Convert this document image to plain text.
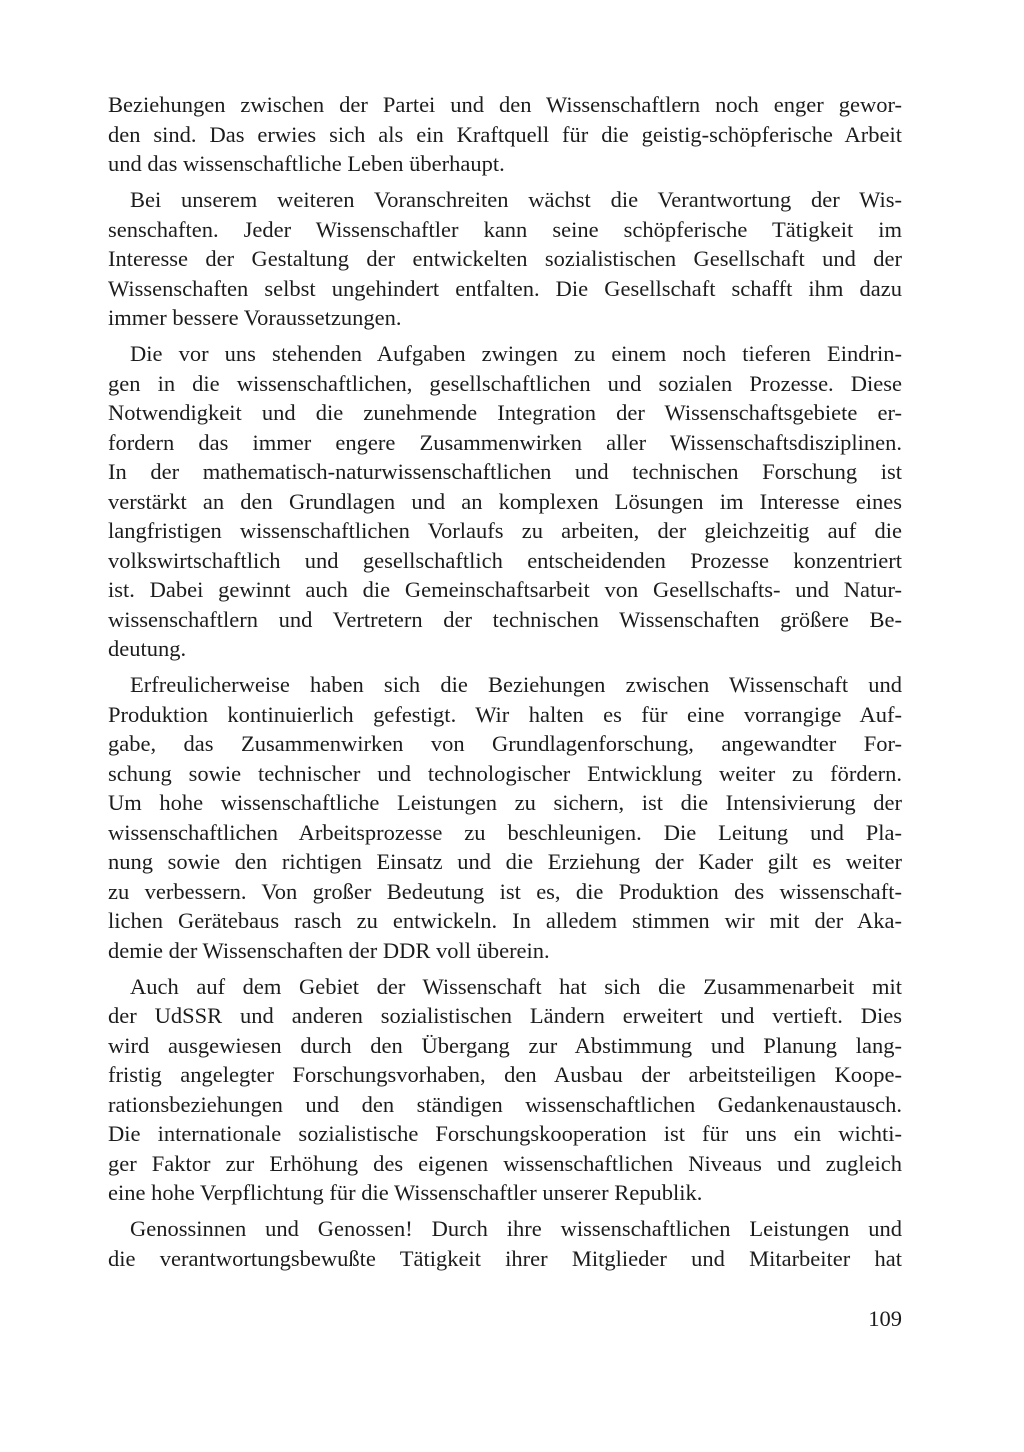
Beziehungen zwischen der Partei und den Wissenschaftlern noch enger gewor-
den sind. Das erwies sich als ein Kraftquell für die geistig-schöpferische Arbeit
und das wissenschaftliche Leben überhaupt.
Bei unserem weiteren Voranschreiten wächst die Verantwortung der Wis-
senschaften. Jeder Wissenschaftler kann seine schöpferische Tätigkeit im
Interesse der Gestaltung der entwickelten sozialistischen Gesellschaft und der
Wissenschaften selbst ungehindert entfalten. Die Gesellschaft schafft ihm dazu
immer bessere Voraussetzungen.
Die vor uns stehenden Aufgaben zwingen zu einem noch tieferen Eindrin-
gen in die wissenschaftlichen, gesellschaftlichen und sozialen Prozesse. Diese
Notwendigkeit und die zunehmende Integration der Wissenschaftsgebiete er-
fordern das immer engere Zusammenwirken aller Wissenschaftsdisziplinen.
In der mathematisch-naturwissenschaftlichen und technischen Forschung ist
verstärkt an den Grundlagen und an komplexen Lösungen im Interesse eines
langfristigen wissenschaftlichen Vorlaufs zu arbeiten, der gleichzeitig auf die
volkswirtschaftlich und gesellschaftlich entscheidenden Prozesse konzentriert
ist. Dabei gewinnt auch die Gemeinschaftsarbeit von Gesellschafts- und Natur-
wissenschaftlern und Vertretern der technischen Wissenschaften größere Be-
deutung.
Erfreulicherweise haben sich die Beziehungen zwischen Wissenschaft und
Produktion kontinuierlich gefestigt. Wir halten es für eine vorrangige Auf-
gabe, das Zusammenwirken von Grundlagenforschung, angewandter For-
schung sowie technischer und technologischer Entwicklung weiter zu fördern.
Um hohe wissenschaftliche Leistungen zu sichern, ist die Intensivierung der
wissenschaftlichen Arbeitsprozesse zu beschleunigen. Die Leitung und Pla-
nung sowie den richtigen Einsatz und die Erziehung der Kader gilt es weiter
zu verbessern. Von großer Bedeutung ist es, die Produktion des wissenschaft-
lichen Gerätebaus rasch zu entwickeln. In alledem stimmen wir mit der Aka-
demie der Wissenschaften der DDR voll überein.
Auch auf dem Gebiet der Wissenschaft hat sich die Zusammenarbeit mit
der UdSSR und anderen sozialistischen Ländern erweitert und vertieft. Dies
wird ausgewiesen durch den Übergang zur Abstimmung und Planung lang-
fristig angelegter Forschungsvorhaben, den Ausbau der arbeitsteiligen Koope-
rationsbeziehungen und den ständigen wissenschaftlichen Gedankenaustausch.
Die internationale sozialistische Forschungskooperation ist für uns ein wichti-
ger Faktor zur Erhöhung des eigenen wissenschaftlichen Niveaus und zugleich
eine hohe Verpflichtung für die Wissenschaftler unserer Republik.
Genossinnen und Genossen! Durch ihre wissenschaftlichen Leistungen und
die verantwortungsbewußte Tätigkeit ihrer Mitglieder und Mitarbeiter hat
109
